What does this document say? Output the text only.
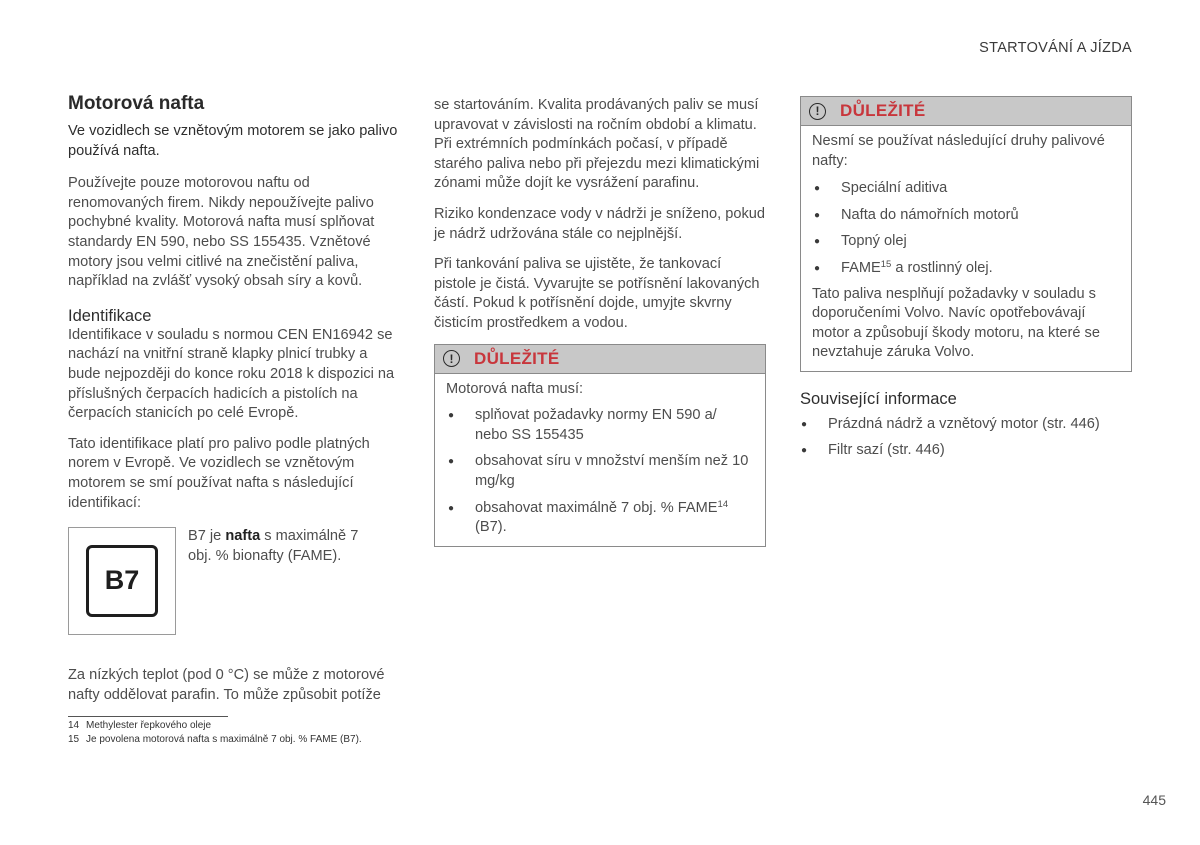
STARTOVÁNÍ A JÍZDA
Motorová nafta

Ve vozidlech se vznětovým motorem se jako palivo používá nafta.

Používejte pouze motorovou naftu od renomovaných firem. Nikdy nepoužívejte palivo pochybné kvality. Motorová nafta musí splňovat standardy EN 590, nebo SS 155435. Vznětové motory jsou velmi citlivé na znečistění paliva, například na zvlášť vysoký obsah síry a kovů.

Identifikace

Identifikace v souladu s normou CEN EN16942 se nachází na vnitřní straně klapky plnicí trubky a bude nejpozději do konce roku 2018 k dispozici na příslušných čerpacích hadicích a pistolích na čerpacích stanicích po celé Evropě.

Tato identifikace platí pro palivo podle platných norem v Evropě. Ve vozidlech se vznětovým motorem se smí používat nafta s následující identifikací:

B7
B7 je nafta s maximálně 7 obj. % bionafty (FAME).

Za nízkých teplot (pod 0 °C) se může z motorové nafty oddělovat parafin. To může způsobit potíže

se startováním. Kvalita prodávaných paliv se musí upravovat v závislosti na ročním období a klimatu. Při extrémních podmínkách počasí, v případě starého paliva nebo při přejezdu mezi klimatickými zónami může dojít ke vysrážení parafinu.

Riziko kondenzace vody v nádrži je sníženo, pokud je nádrž udržována stále co nejplnější.

Při tankování paliva se ujistěte, že tankovací pistole je čistá. Vyvarujte se potřísnění lakovaných částí. Pokud k potřísnění dojde, umyjte skvrny čisticím prostředkem a vodou.

!	DŮLEŽITÉ

Motorová nafta musí:

● splňovat požadavky normy EN 590 a/ nebo SS 155435
● obsahovat síru v množství menším než 10 mg/kg
● obsahovat maximálně 7 obj. % FAME$^{14}$
(B7).
!	DŮLEŽITÉ

Nesmí se používat následující druhy palivové nafty:

● Speciální aditiva
● Nafta do námořních motorů
● Topný olej
● FAME$^{15}$ a rostlinný olej.

Tato paliva nesplňují požadavky v souladu s doporučeními Volvo. Navíc opotřebovávají motor a způsobují škody motoru, na které se nevztahuje záruka Volvo.

Související informace
● Prázdná nádrž a vznětový motor (str. 446)
● Filtr sazí (str. 446)
14 Methylester řepkového oleje
15 Je povolena motorová nafta s maximálně 7 obj. % FAME (B7).
445
